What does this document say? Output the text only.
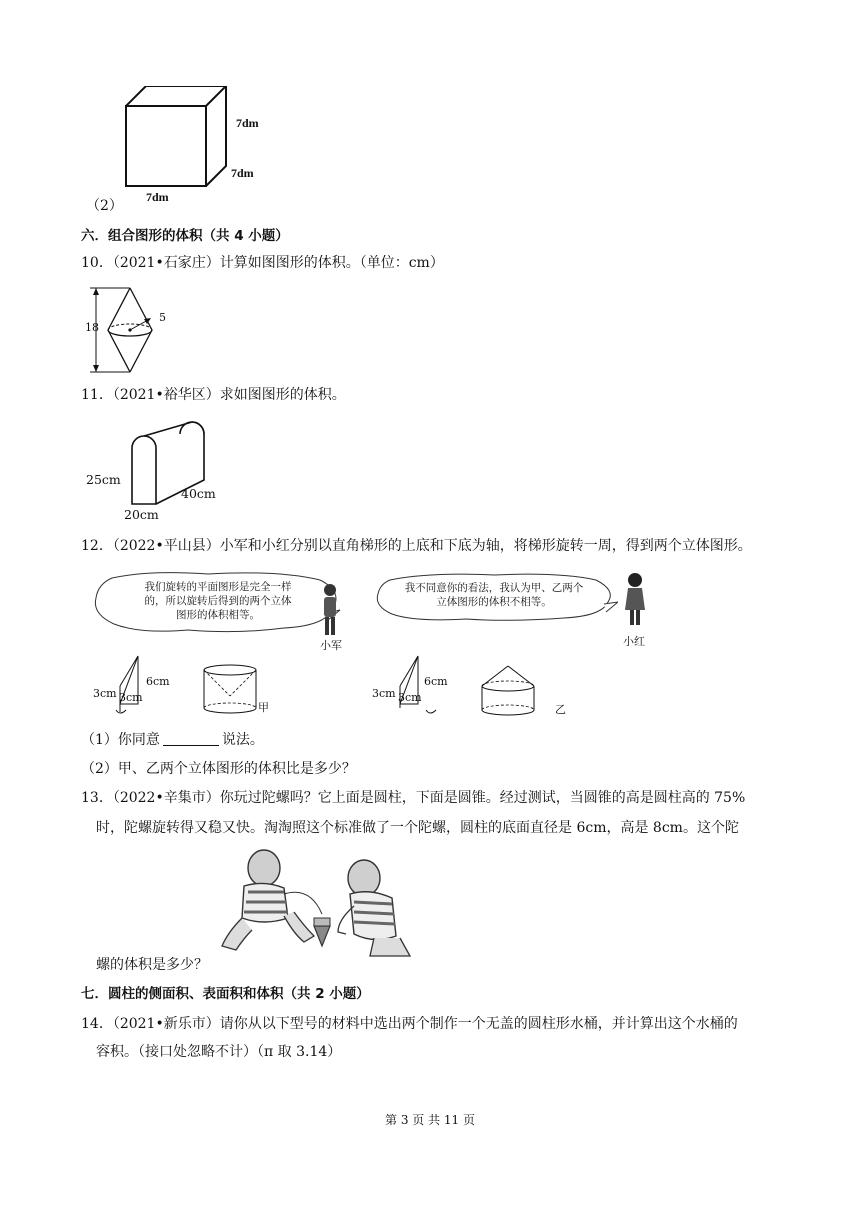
7dm
7dm
7dm
（2）
六．组合图形的体积（共 4 小题）
10．（2021•石家庄）计算如图图形的体积。（单位：cm）
18
5
11．（2021•裕华区）求如图图形的体积。
25cm
40cm
20cm
12．（2022•平山县）小军和小红分别以直角梯形的上底和下底为轴，将梯形旋转一周，得到两个立体图形。
我们旋转的平面图形是完全一样的，所以旋转后得到的两个立体图形的体积相等。
小军
我不同意你的看法，我认为甲、乙两个立体图形的体积不相等。
小红
6cm
3cm 3cm
甲
6cm
3cm 3cm
乙
（1）你同意	说法。
（2）甲、乙两个立体图形的体积比是多少？
13．（2022•辛集市）你玩过陀螺吗？它上面是圆柱，下面是圆锥。经过测试，当圆锥的高是圆柱高的 75%
时，陀螺旋转得又稳又快。淘淘照这个标准做了一个陀螺，圆柱的底面直径是 6cm，高是 8cm。这个陀
螺的体积是多少？
七．圆柱的侧面积、表面积和体积（共 2 小题）
14．（2021•新乐市）请你从以下型号的材料中选出两个制作一个无盖的圆柱形水桶，并计算出这个水桶的
容积。（接口处忽略不计）（π 取 3.14）
第 3 页 共 11 页
